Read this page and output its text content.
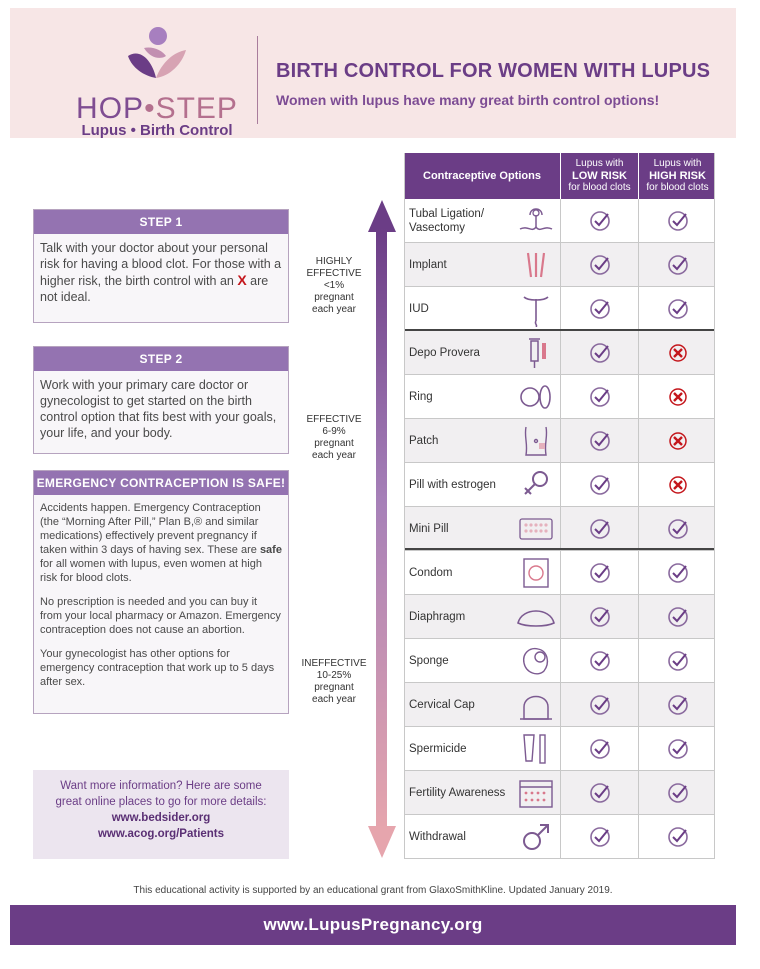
HOP•STEP
Lupus • Birth Control
BIRTH CONTROL FOR WOMEN WITH LUPUS
Women with lupus have many great birth control options!
STEP 1
Talk with your doctor about your personal risk for having a blood clot. For those with a higher risk, the birth control with an X are not ideal.
STEP 2
Work with your primary care doctor or gynecologist to get started on the birth control option that fits best with your goals, your life, and your body.
EMERGENCY CONTRACEPTION IS SAFE!

Accidents happen. Emergency Contraception (the “Morning After Pill,” Plan B,® and similar medications) effectively prevent pregnancy if taken within 3 days of having sex. These are safe for all women with lupus, even women at high risk for blood clots.

No prescription is needed and you can buy it from your local pharmacy or Amazon. Emergency contraception does not cause an abortion.

Your gynecologist has other options for emergency contraception that work up to 5 days after sex.

Want more information? Here are some
great online places to go for more details:
www.bedsider.org
www.acog.org/Patients
HIGHLY
EFFECTIVE
<1%
pregnant
each year
EFFECTIVE
6-9%
pregnant
each year
INEFFECTIVE
10-25%
pregnant
each year
Contraceptive Options
Lupus with
LOW RISK
for blood clots
Lupus with
HIGH RISK
for blood clots
Tubal Ligation/ Vasectomy
Implant
IUD
Depo Provera
Ring
Patch
Pill with estrogen
Mini Pill
Condom
Diaphragm
Sponge
Cervical Cap
Spermicide
Fertility Awareness
Withdrawal
This educational activity is supported by an educational grant from GlaxoSmithKline. Updated January 2019.
www.LupusPregnancy.org
